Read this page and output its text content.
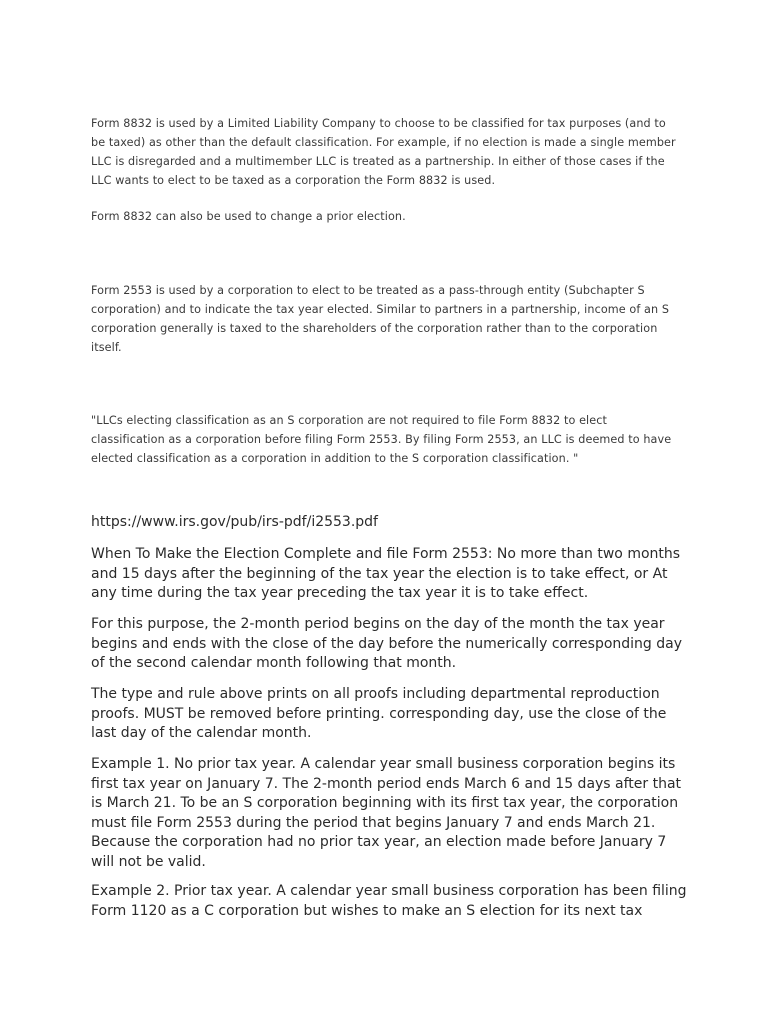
Form 8832 is used by a Limited Liability Company to choose to be classified for tax purposes (and to be taxed) as other than the default classification. For example, if no election is made a single member LLC is disregarded and a multimember LLC is treated as a partnership. In either of those cases if the LLC wants to elect to be taxed as a corporation the Form 8832 is used.
Form 8832 can also be used to change a prior election.
Form 2553 is used by a corporation to elect to be treated as a pass-through entity (Subchapter S corporation) and to indicate the tax year elected. Similar to partners in a partnership, income of an S corporation generally is taxed to the shareholders of the corporation rather than to the corporation itself.
"LLCs electing classification as an S corporation are not required to file Form 8832 to elect classification as a corporation before filing Form 2553. By filing Form 2553, an LLC is deemed to have elected classification as a corporation in addition to the S corporation classification. "
https://www.irs.gov/pub/irs-pdf/i2553.pdf
When To Make the Election Complete and file Form 2553: No more than two months and 15 days after the beginning of the tax year the election is to take effect, or At any time during the tax year preceding the tax year it is to take effect.
For this purpose, the 2-month period begins on the day of the month the tax year begins and ends with the close of the day before the numerically corresponding day of the second calendar month following that month.
The type and rule above prints on all proofs including departmental reproduction proofs. MUST be removed before printing. corresponding day, use the close of the last day of the calendar month.
Example 1. No prior tax year. A calendar year small business corporation begins its first tax year on January 7. The 2-month period ends March 6 and 15 days after that is March 21. To be an S corporation beginning with its first tax year, the corporation must file Form 2553 during the period that begins January 7 and ends March 21. Because the corporation had no prior tax year, an election made before January 7 will not be valid.
Example 2. Prior tax year. A calendar year small business corporation has been filing Form 1120 as a C corporation but wishes to make an S election for its next tax
